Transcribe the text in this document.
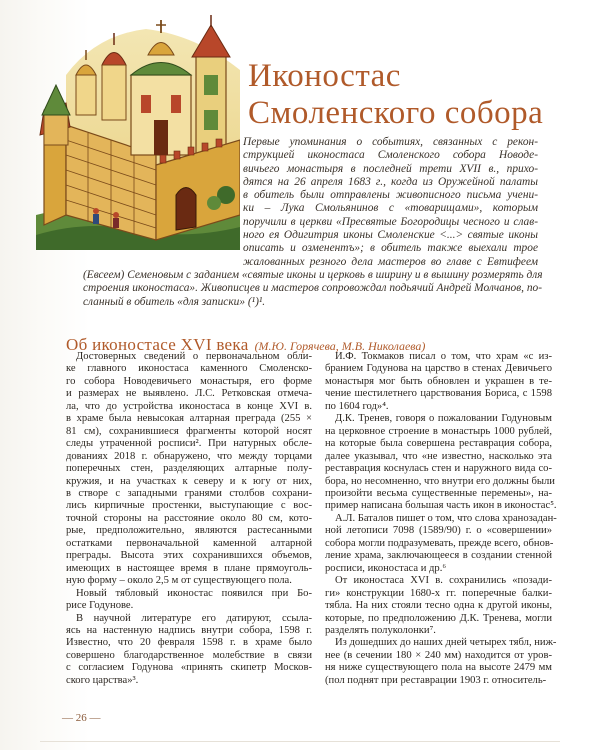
Иконостас
Смоленского собора

Первые упоминания о событиях, связанных с рекон-
струкцией иконостаса Смоленского собора Новоде-
вичьего монастыря в последней трети XVII в., прихо-
дятся на 26 апреля 1683 г., когда из Оружейной палаты
в обитель были отправлены живописного письма учени-
ки – Лука Смольянинов с «товарищами», которым
поручили в церкви «Пресвятые Богородицы чесного и слав-
ного ея Одигитрия иконы Смоленские <...> святые иконы
описать и озменентъ»; в обитель также выехали трое
жалованных резного дела мастеров во главе с Евтифеем
(Евсеем) Семеновым с заданием «святые иконы и церковь в ширину и в вышину розмерять для
строения иконостаса». Живописцев и мастеров сопровождал подьячий Андрей Молчанов, по-
сланный в обитель «для записки» (¹)¹.

Об иконостасе XVI века (М.Ю. Горячева, М.В. Николаева)
Достоверных сведений о первоначальном обли-
ке главного иконостаса каменного Смоленско-
го собора Новодевичьего монастыря, его форме
и размерах не выявлено. Л.С. Ретковская отмеча-
ла, что до устройства иконостаса в конце XVI в.
в храме была невысокая алтарная преграда (255 ×
81 см), сохранившиеся фрагменты которой носят
следы утраченной росписи². При натурных обсле-
дованиях 2018 г. обнаружено, что между торцами
поперечных стен, разделяющих алтарные полу-
кружия, и на участках к северу и к югу от них,
в створе с западными гранями столбов сохрани-
лись кирпичные простенки, выступающие с вос-
точной стороны на расстояние около 80 см, кото-
рые, предположительно, являются растесанными
остатками первоначальной каменной алтарной
преграды. Высота этих сохранившихся объемов,
имеющих в настоящее время в плане прямоуголь-
ную форму – около 2,5 м от существующего пола.
Новый тябловый иконостас появился при Бо-
рисе Годунове.
В научной литературе его датируют, ссыла-
ясь на настенную надпись внутри собора, 1598 г.
Известно, что 20 февраля 1598 г. в храме было
совершено благодарственное молебствие в связи
с согласием Годунова «принять скипетр Москов-
ского царства»³.
И.Ф. Токмаков писал о том, что храм «с из-
бранием Годунова на царство в стенах Девичьего
монастыря мог быть обновлен и украшен в те-
чение шестилетнего царствования Бориса, с 1598
по 1604 год»⁴.
Д.К. Тренев, говоря о пожаловании Годуновым
на церковное строение в монастырь 1000 рублей,
на которые была совершена реставрация собора,
далее указывал, что «не известно, насколько эта
реставрация коснулась стен и наружного вида со-
бора, но несомненно, что внутри его должны были
произойти весьма существенные перемены», на-
пример написана большая часть икон в иконостас⁵.
А.Л. Баталов пишет о том, что слова хранозадан-
ной летописи 7098 (1589/90) г. о «совершении»
собора могли подразумевать, прежде всего, обнов-
ление храма, заключающееся в создании стенной
росписи, иконостаса и др.⁶
От иконостаса XVI в. сохранились «позади-
ги» конструкции 1680-х гг. поперечные балки-
тябла. На них стояли тесно одна к другой иконы,
которые, по предположению Д.К. Тренева, могли
разделять полуколонки⁷.
Из дошедших до наших дней четырех тябл, ниж-
нее (в сечении 180 × 240 мм) находится от уров-
ня ниже существующего пола на высоте 2479 мм
(пол поднят при реставрации 1903 г. относитель-
— 26 —
